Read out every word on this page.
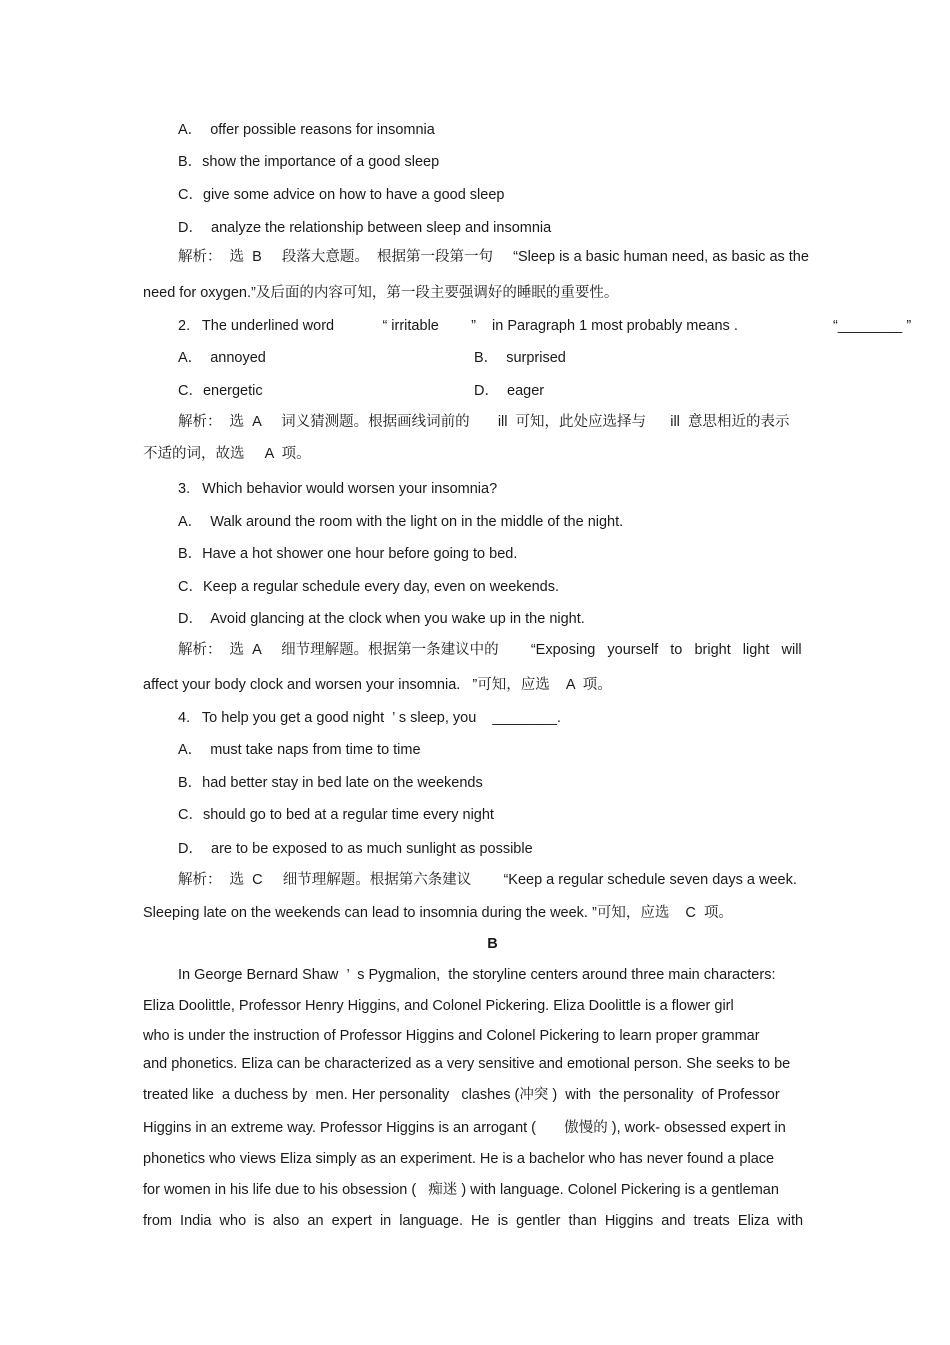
A．  offer possible reasons for insomnia
B．show the importance of a good sleep
C．give some advice on how to have a good sleep
D．  analyze the relationship between sleep and insomnia
解析：  选  B     段落大意题。  根据第一段第一句     “Sleep is a basic human need, as basic as the
need for oxygen.”及后面的内容可知，第一段主要强调好的睡眠的重要性。
2.   The underlined word            “ irritable        ”    in Paragraph 1 most probably means .	“________ ”
A．  annoyed	B．  surprised
C．energetic	D．  eager
解析：  选  A     词义猜测题。根据画线词前的       ill  可知，此处应选择与      ill  意思相近的表示
不适的词，故选     A  项。
3.   Which behavior would worsen your insomnia?
A．  Walk around the room with the light on in the middle of the night.
B．Have a hot shower one hour before going to bed.
C．Keep a regular schedule every day, even on weekends.
D．  Avoid glancing at the clock when you wake up in the night.
解析：  选  A     细节理解题。根据第一条建议中的        “Exposing   yourself   to   bright   light   will
affect your body clock and worsen your insomnia.   ”可知，应选    A  项。
4.   To help you get a good night  ’ s sleep, you    ________.
A．  must take naps from time to time
B．had better stay in bed late on the weekends
C．should go to bed at a regular time every night
D．  are to be exposed to as much sunlight as possible
解析：  选  C     细节理解题。根据第六条建议        “Keep a regular schedule seven days a week.
Sleeping late on the weekends can lead to insomnia during the week. ”可知，应选    C  项。
B
In George Bernard Shaw  ’  s Pygmalion,  the storyline centers around three main characters:
Eliza Doolittle, Professor Henry Higgins, and Colonel Pickering. Eliza Doolittle is a flower girl
who is under the instruction of Professor Higgins and Colonel Pickering to learn proper grammar
and phonetics. Eliza can be characterized as a very sensitive and emotional person. She seeks to be
treated like  a duchess by  men. Her personality   clashes (冲突 )  with  the personality  of Professor
Higgins in an extreme way. Professor Higgins is an arrogant (       傲慢的 ), work- obsessed expert in
phonetics who views Eliza simply as an experiment. He is a bachelor who has never found a place
for women in his life due to his obsession (   痴迷 ) with language. Colonel Pickering is a gentleman
from  India  who  is  also  an  expert  in  language.  He  is  gentler  than  Higgins  and  treats  Eliza  with
